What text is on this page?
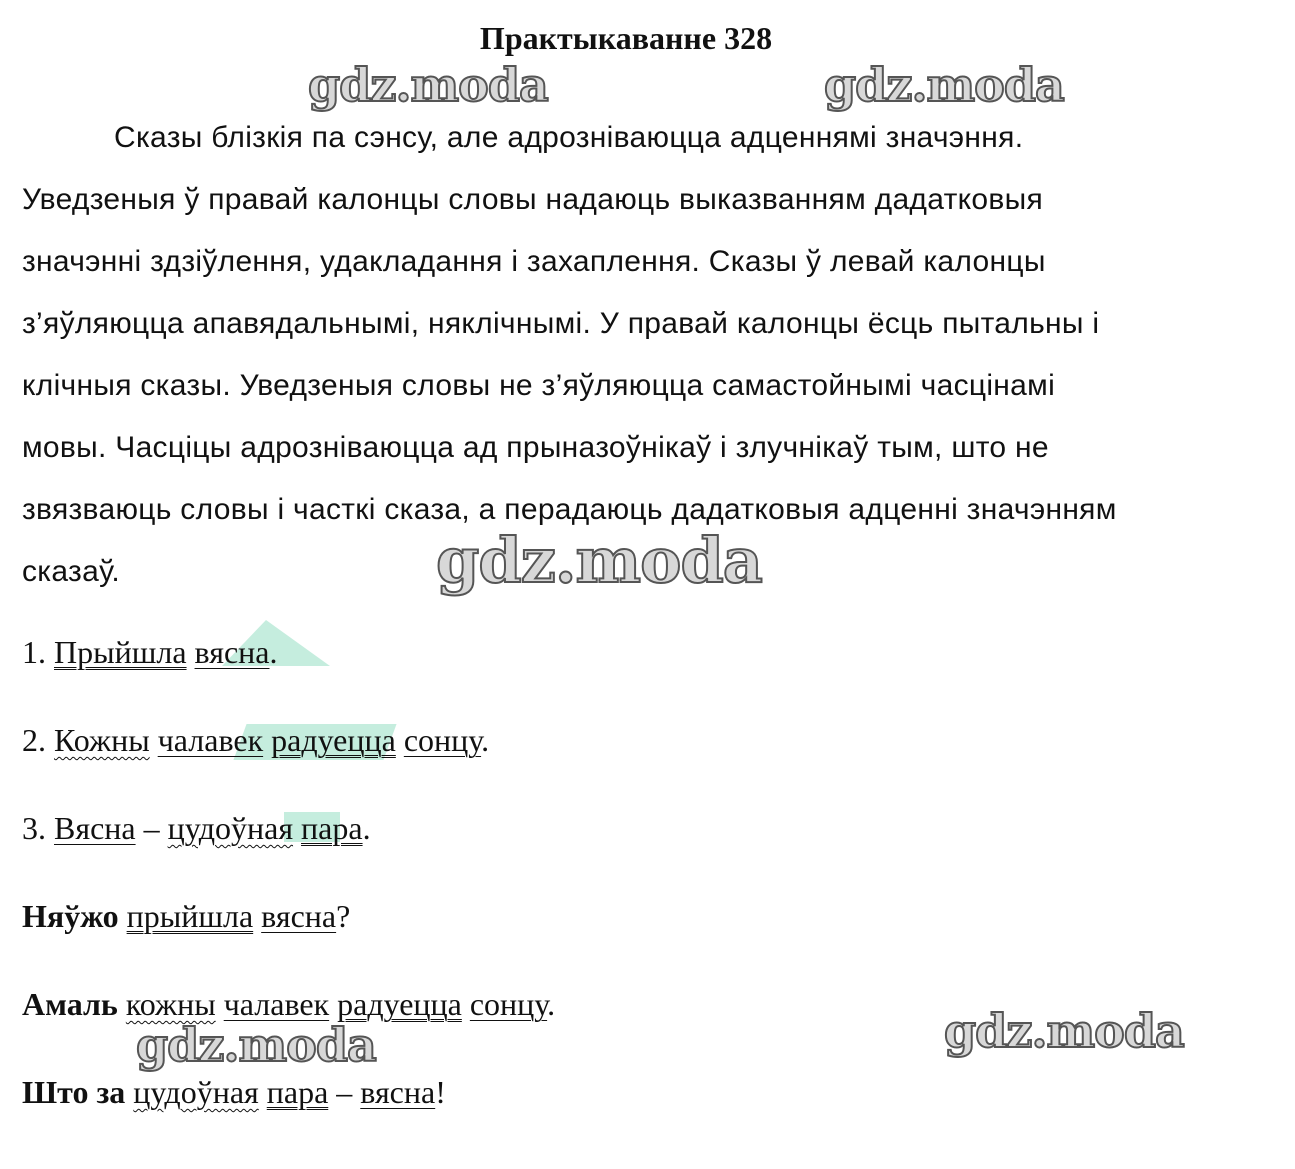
Практыкаванне 328
Сказы блізкія па сэнсу, але адрозніваюцца адценнямі значэння.
Уведзеныя ў правай калонцы словы надаюць выказванням дадатковыя
значэнні здзіўлення, удакладання і захаплення. Сказы ў левай калонцы
з’яўляюцца апавядальнымі, няклічнымі. У правай калонцы ёсць пытальны і
клічныя сказы. Уведзеныя словы не з’яўляюцца самастойнымі часцінамі
мовы. Часціцы адрозніваюцца ад прыназоўнікаў і злучнікаў тым, што не
звязваюць словы і часткі сказа, а перадаюць дадатковыя адценні значэнням
сказаў.
1. Прыйшла вясна.
2. Кожны чалавек радуецца сонцу.
3. Вясна – цудоўная пара.
Няўжо прыйшла вясна?
Амаль кожны чалавек радуецца сонцу.
Што за цудоўная пара – вясна!
gdz.moda	gdz.moda
gdz.moda
gdz.moda
gdz.moda
